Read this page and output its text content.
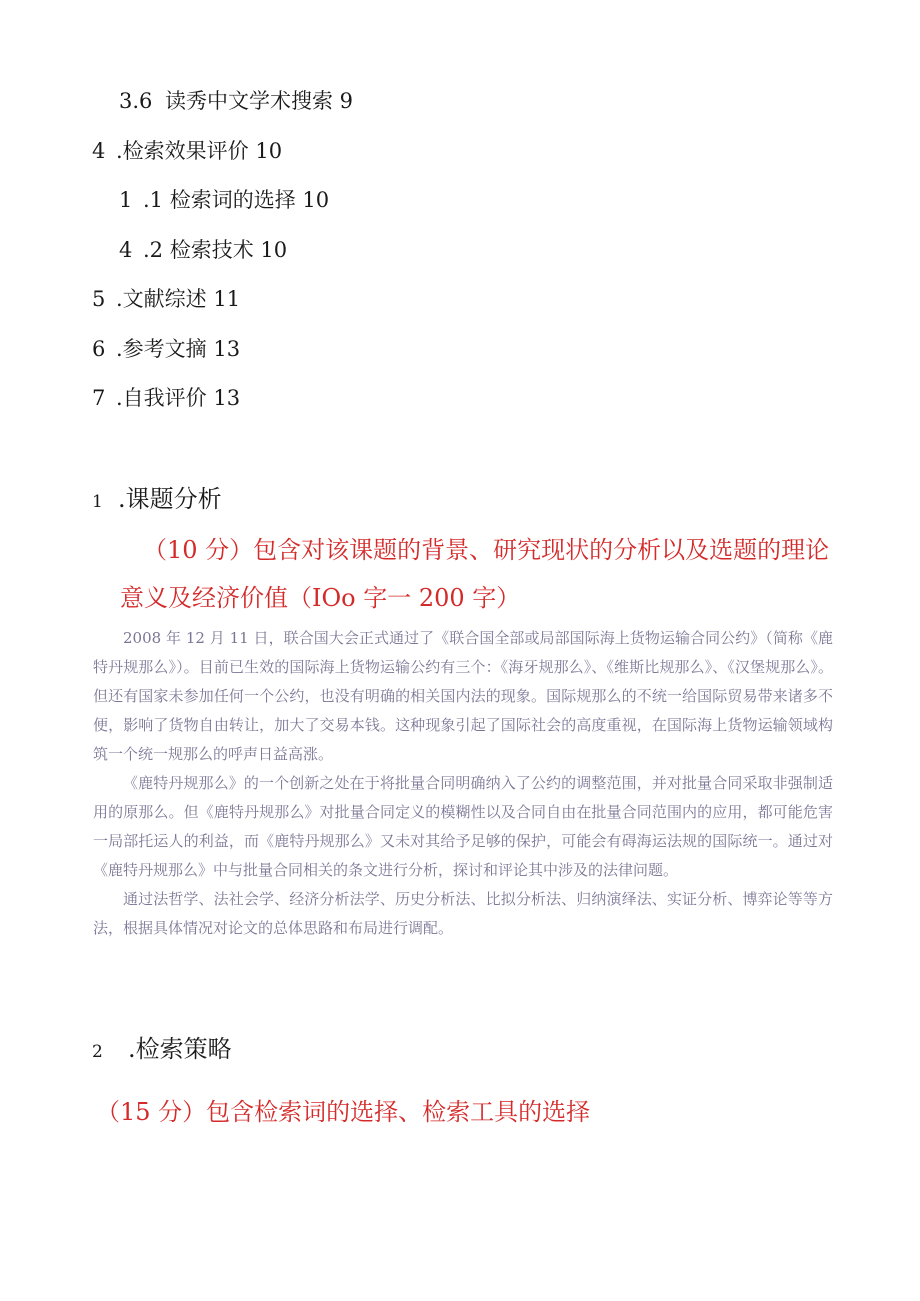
3.6 读秀中文学术搜索 9
4 .检索效果评价 10
1 .1 检索词的选择 10
4 .2 检索技术 10
5 .文献综述 11
6 .参考文摘 13
7 .自我评价 13
1 .课题分析
（10 分）包含对该课题的背景、研究现状的分析以及选题的理论
意义及经济价值（IOo 字一 200 字）

2008 年 12 月 11 日，联合国大会正式通过了《联合国全部或局部国际海上货物运输合同公约》（简称《鹿特丹规那么》）。目前已生效的国际海上货物运输公约有三个：《海牙规那么》、《维斯比规那么》、《汉堡规那么》。但还有国家未参加任何一个公约，也没有明确的相关国内法的现象。国际规那么的不统一给国际贸易带来诸多不便，影响了货物自由转让，加大了交易本钱。这种现象引起了国际社会的高度重视，在国际海上货物运输领域构筑一个统一规那么的呼声日益高涨。

《鹿特丹规那么》的一个创新之处在于将批量合同明确纳入了公约的调整范围，并对批量合同采取非强制适用的原那么。但《鹿特丹规那么》对批量合同定义的模糊性以及合同自由在批量合同范围内的应用，都可能危害一局部托运人的利益，而《鹿特丹规那么》又未对其给予足够的保护，可能会有碍海运法规的国际统一。通过对《鹿特丹规那么》中与批量合同相关的条文进行分析，探讨和评论其中涉及的法律问题。

通过法哲学、法社会学、经济分析法学、历史分析法、比拟分析法、归纳演绎法、实证分析、博弈论等等方法，根据具体情况对论文的总体思路和布局进行调配。

2 .检索策略
（15 分）包含检索词的选择、检索工具的选择
